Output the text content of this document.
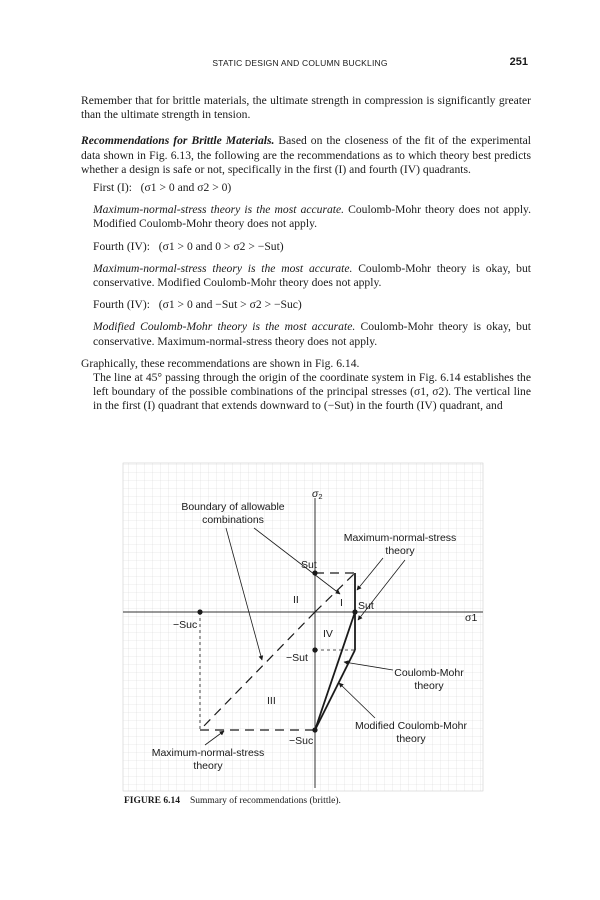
STATIC DESIGN AND COLUMN BUCKLING	251

Remember that for brittle materials, the ultimate strength in compression is significantly greater than the ultimate strength in tension.

Recommendations for Brittle Materials. Based on the closeness of the fit of the experimental data shown in Fig. 6.13, the following are the recommendations as to which theory best predicts whether a design is safe or not, specifically in the first (I) and fourth (IV) quadrants.

First (I): (σ1 > 0 and σ2 > 0)

Maximum-normal-stress theory is the most accurate. Coulomb-Mohr theory does not apply. Modified Coulomb-Mohr theory does not apply.

Fourth (IV): (σ1 > 0 and 0 > σ2 > −Sut)

Maximum-normal-stress theory is the most accurate. Coulomb-Mohr theory is okay, but conservative. Modified Coulomb-Mohr theory does not apply.

Fourth (IV): (σ1 > 0 and −Sut > σ2 > −Suc)

Modified Coulomb-Mohr theory is the most accurate. Coulomb-Mohr theory is okay, but conservative. Maximum-normal-stress theory does not apply.

Graphically, these recommendations are shown in Fig. 6.14.

The line at 45° passing through the origin of the coordinate system in Fig. 6.14 establishes the left boundary of the possible combinations of the principal stresses (σ1, σ2). The vertical line in the first (I) quadrant that extends downward to (−Sut) in the fourth (IV) quadrant, and

σ2
σ1
Boundary of allowable
combinations
Maximum-normal-stress
theory
Sut
Sut
−Suc
−Sut
−Suc
II	I
IV
III
Coulomb-Mohr
theory
Modified Coulomb-Mohr
theory
Maximum-normal-stress
theory
FIGURE 6.14 Summary of recommendations (brittle).
